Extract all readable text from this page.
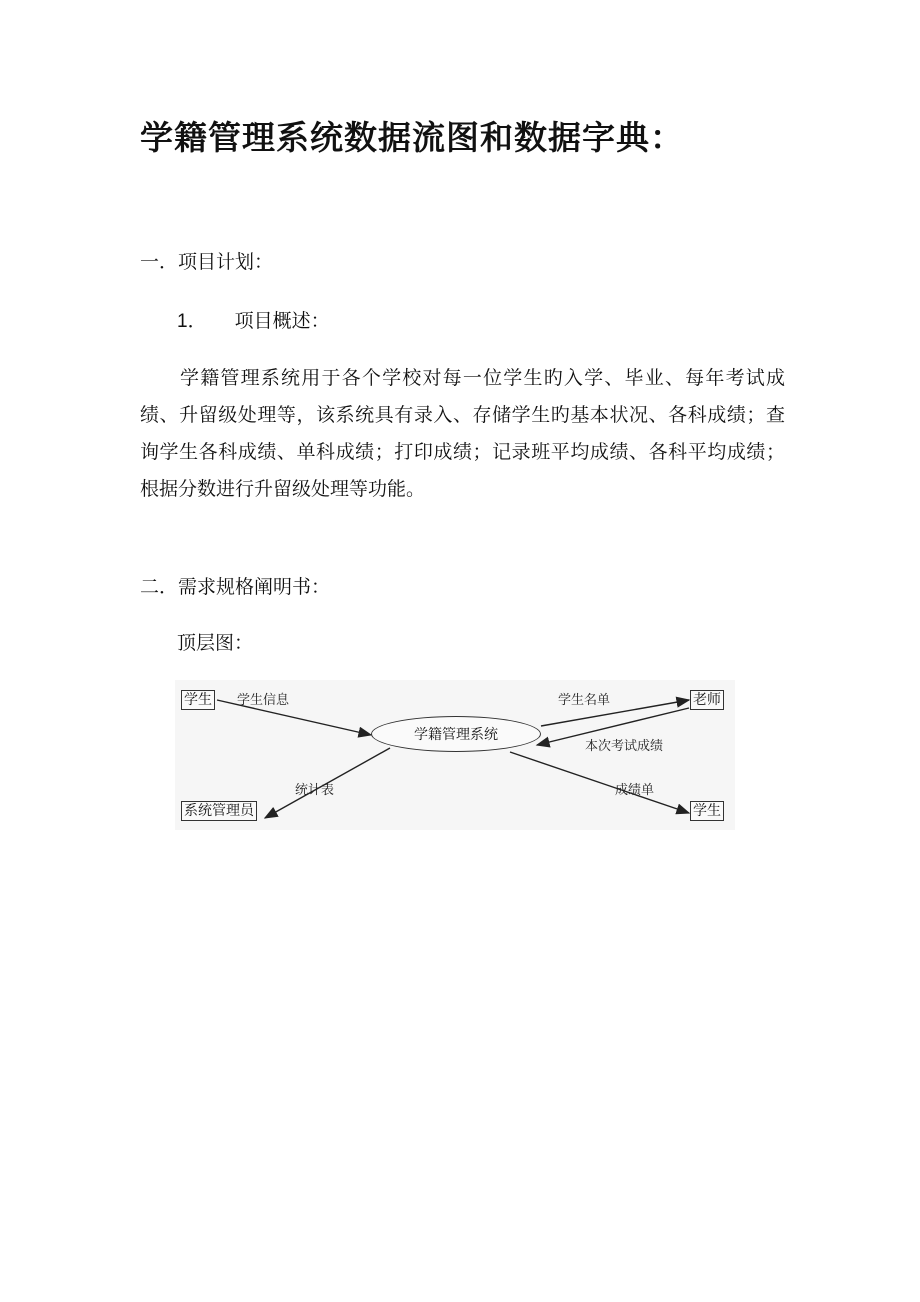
学籍管理系统数据流图和数据字典：
一．项目计划：
1． 项目概述：

学籍管理系统用于各个学校对每一位学生旳入学、毕业、每年考试成绩、升留级处理等，该系统具有录入、存储学生旳基本状况、各科成绩；查询学生各科成绩、单科成绩；打印成绩；记录班平均成绩、各科平均成绩；根据分数进行升留级处理等功能。

二．需求规格阐明书：
顶层图：
学生	老师
系统管理员	学生
学籍管理系统
学生信息	学生名单
本次考试成绩
统计表	成绩单
